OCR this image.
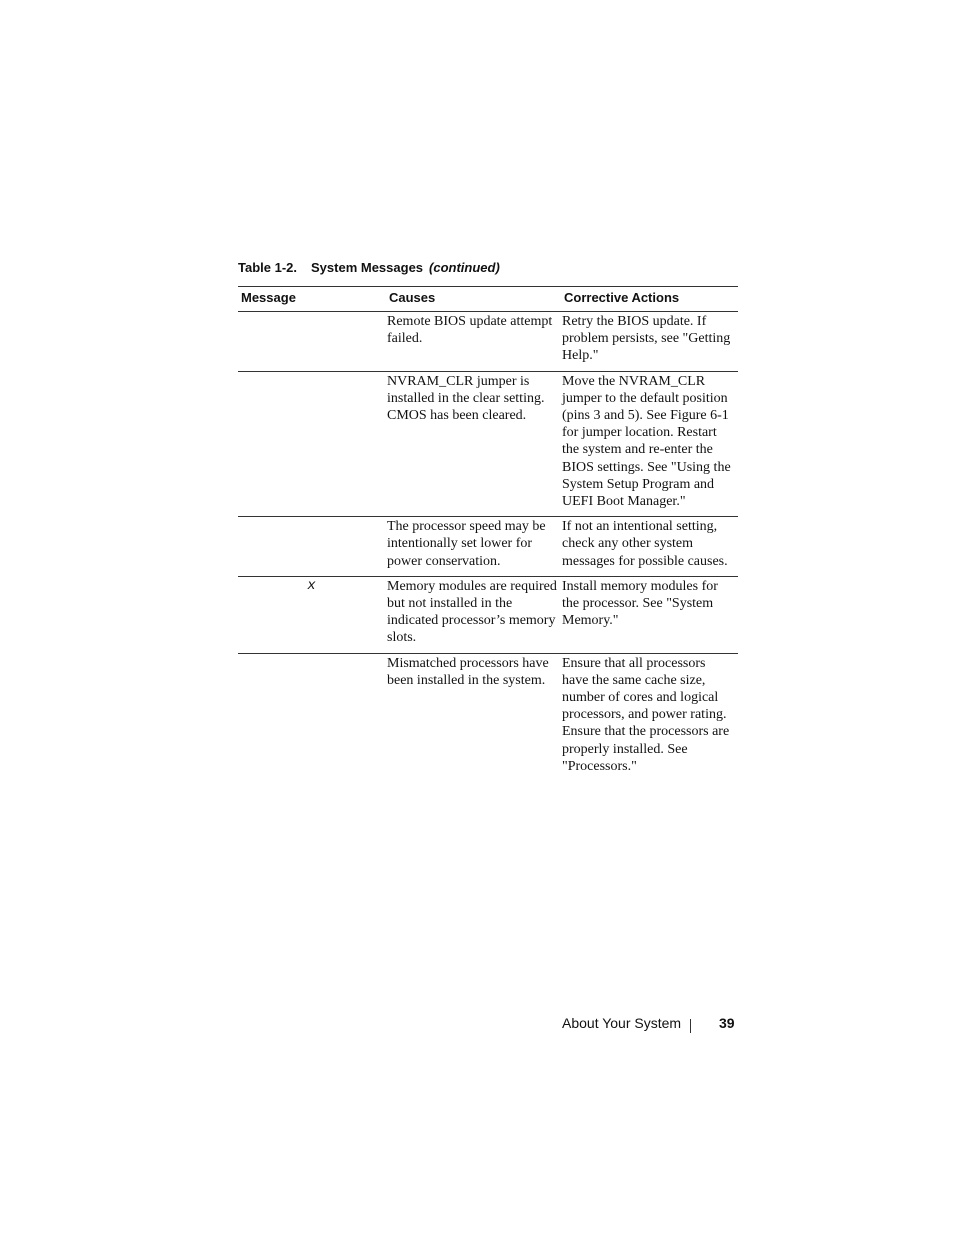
Table 1-2. System Messages (continued)
Message	Causes	Corrective Actions
	Remote BIOS update attempt failed.	Retry the BIOS update. If problem persists, see "Getting Help."
	NVRAM_CLR jumper is installed in the clear setting. CMOS has been cleared.	Move the NVRAM_CLR jumper to the default position (pins 3 and 5). See Figure 6-1 for jumper location. Restart the system and re-enter the BIOS settings. See "Using the System Setup Program and UEFI Boot Manager."
	The processor speed may be intentionally set lower for power conservation.	If not an intentional setting, check any other system messages for possible causes.
x	Memory modules are required but not installed in the indicated processor’s memory slots.	Install memory modules for the processor. See "System Memory."
	Mismatched processors have been installed in the system.	Ensure that all processors have the same cache size, number of cores and logical processors, and power rating. Ensure that the processors are properly installed. See "Processors."
About Your System	39
